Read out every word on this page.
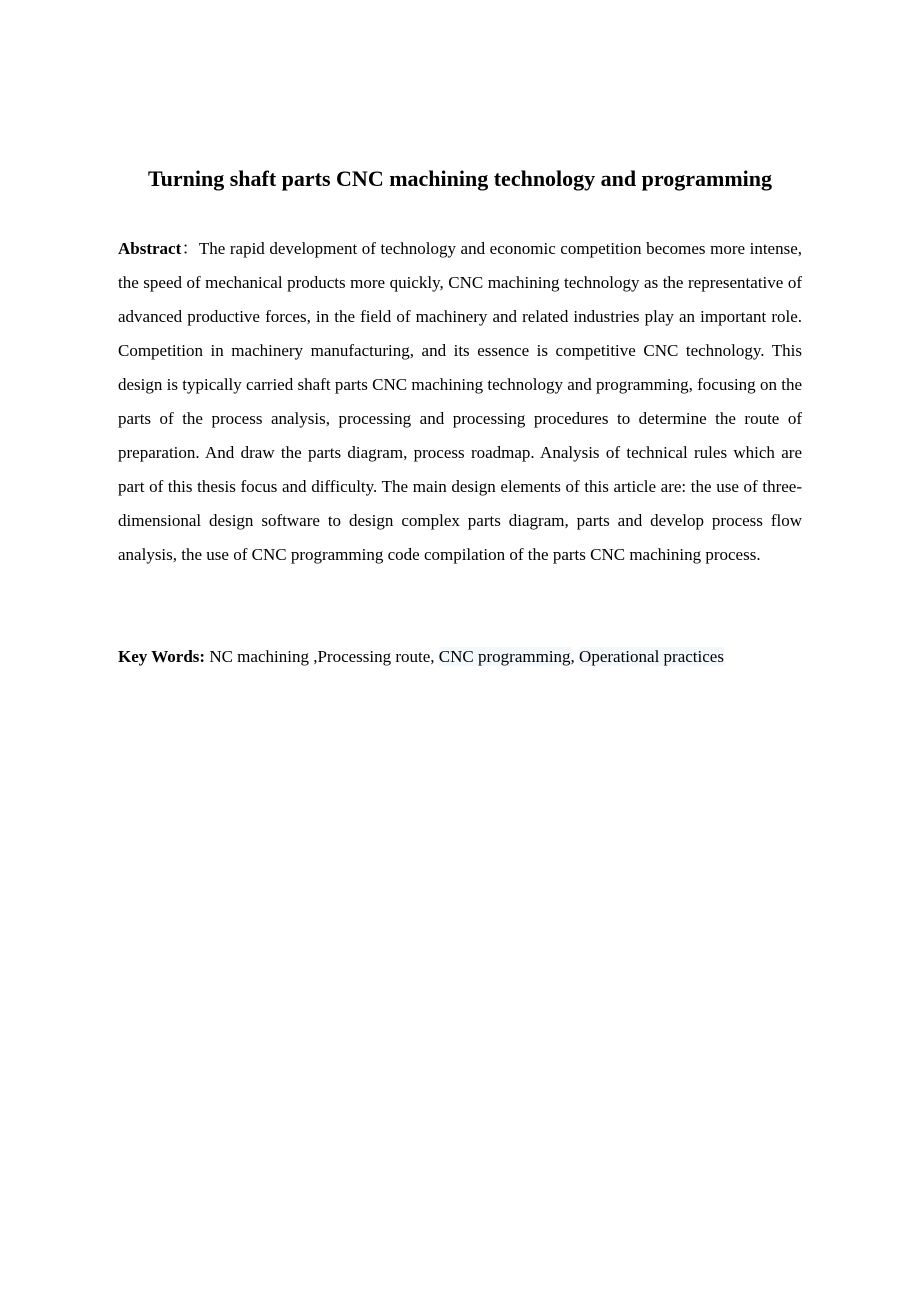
Turning shaft parts CNC machining technology and programming

Abstract：The rapid development of technology and economic competition becomes more intense, the speed of mechanical products more quickly, CNC machining technology as the representative of advanced productive forces, in the field of machinery and related industries play an important role. Competition in machinery manufacturing, and its essence is competitive CNC technology. This design is typically carried shaft parts CNC machining technology and programming, focusing on the parts of the process analysis, processing and processing procedures to determine the route of preparation. And draw the parts diagram, process roadmap. Analysis of technical rules which are part of this thesis focus and difficulty. The main design elements of this article are: the use of three-dimensional design software to design complex parts diagram, parts and develop process flow analysis, the use of CNC programming code compilation of the parts CNC machining process.

Key Words: NC machining ,Processing route, CNC programming, Operational practices
